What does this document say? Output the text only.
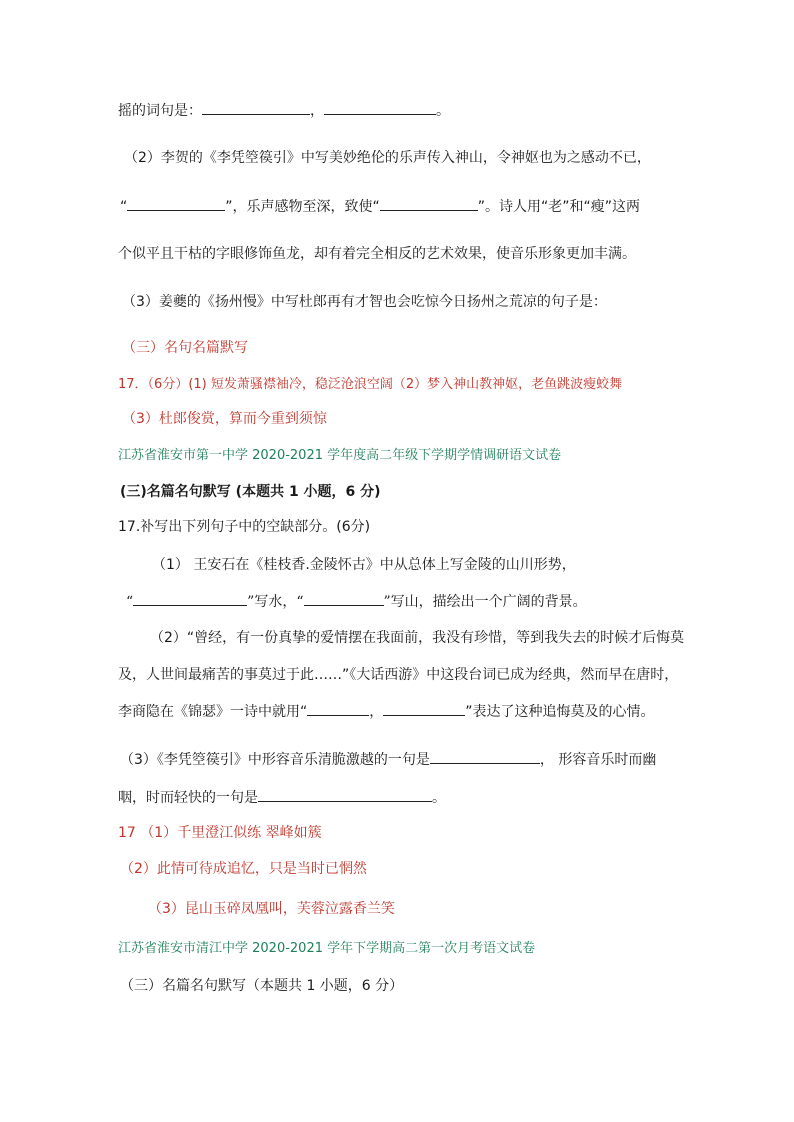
摇的词句是：	，	。
（2）李贺的《李凭箜篌引》中写美妙绝伦的乐声传入神山，令神妪也为之感动不已，
“	”，乐声感物至深，致使“	”。诗人用“老”和“瘦”这两
个似平且干枯的字眼修饰鱼龙，却有着完全相反的艺术效果，使音乐形象更加丰满。
（3）姜夔的《扬州慢》中写杜郎再有才智也会吃惊今日扬州之荒凉的句子是：
（三）名句名篇默写
17．（6分）(1) 短发萧骚襟袖冷，稳泛沧浪空阔（2）梦入神山教神妪，老鱼跳波瘦蛟舞
（3）杜郎俊赏，算而今重到须惊
江苏省淮安市第一中学 2020-2021 学年度高二年级下学期学情调研语文试卷
(三)名篇名句默写 (本题共 1 小题，6 分)
17.补写出下列句子中的空缺部分。(6分)
（1） 王安石在《桂枝香.金陵怀古》中从总体上写金陵的山川形势，
“	”写水，“	”写山，描绘出一个广阔的背景。
（2）“曾经，有一份真挚的爱情摆在我面前，我没有珍惜，等到我失去的时候才后悔莫
及，人世间最痛苦的事莫过于此……”《大话西游》中这段台词已成为经典，然而早在唐时，
李商隐在《锦瑟》一诗中就用“	，	”表达了这种追悔莫及的心情。
（3）《李凭箜篌引》中形容音乐清脆激越的一句是	， 形容音乐时而幽
咽，时而轻快的一句是	。
17 （1）千里澄江似练 翠峰如簇
（2）此情可待成追忆，只是当时已惘然
（3）昆山玉碎凤凰叫，芙蓉泣露香兰笑
江苏省淮安市清江中学 2020-2021 学年下学期高二第一次月考语文试卷
（三）名篇名句默写（本题共 1 小题，6 分）
